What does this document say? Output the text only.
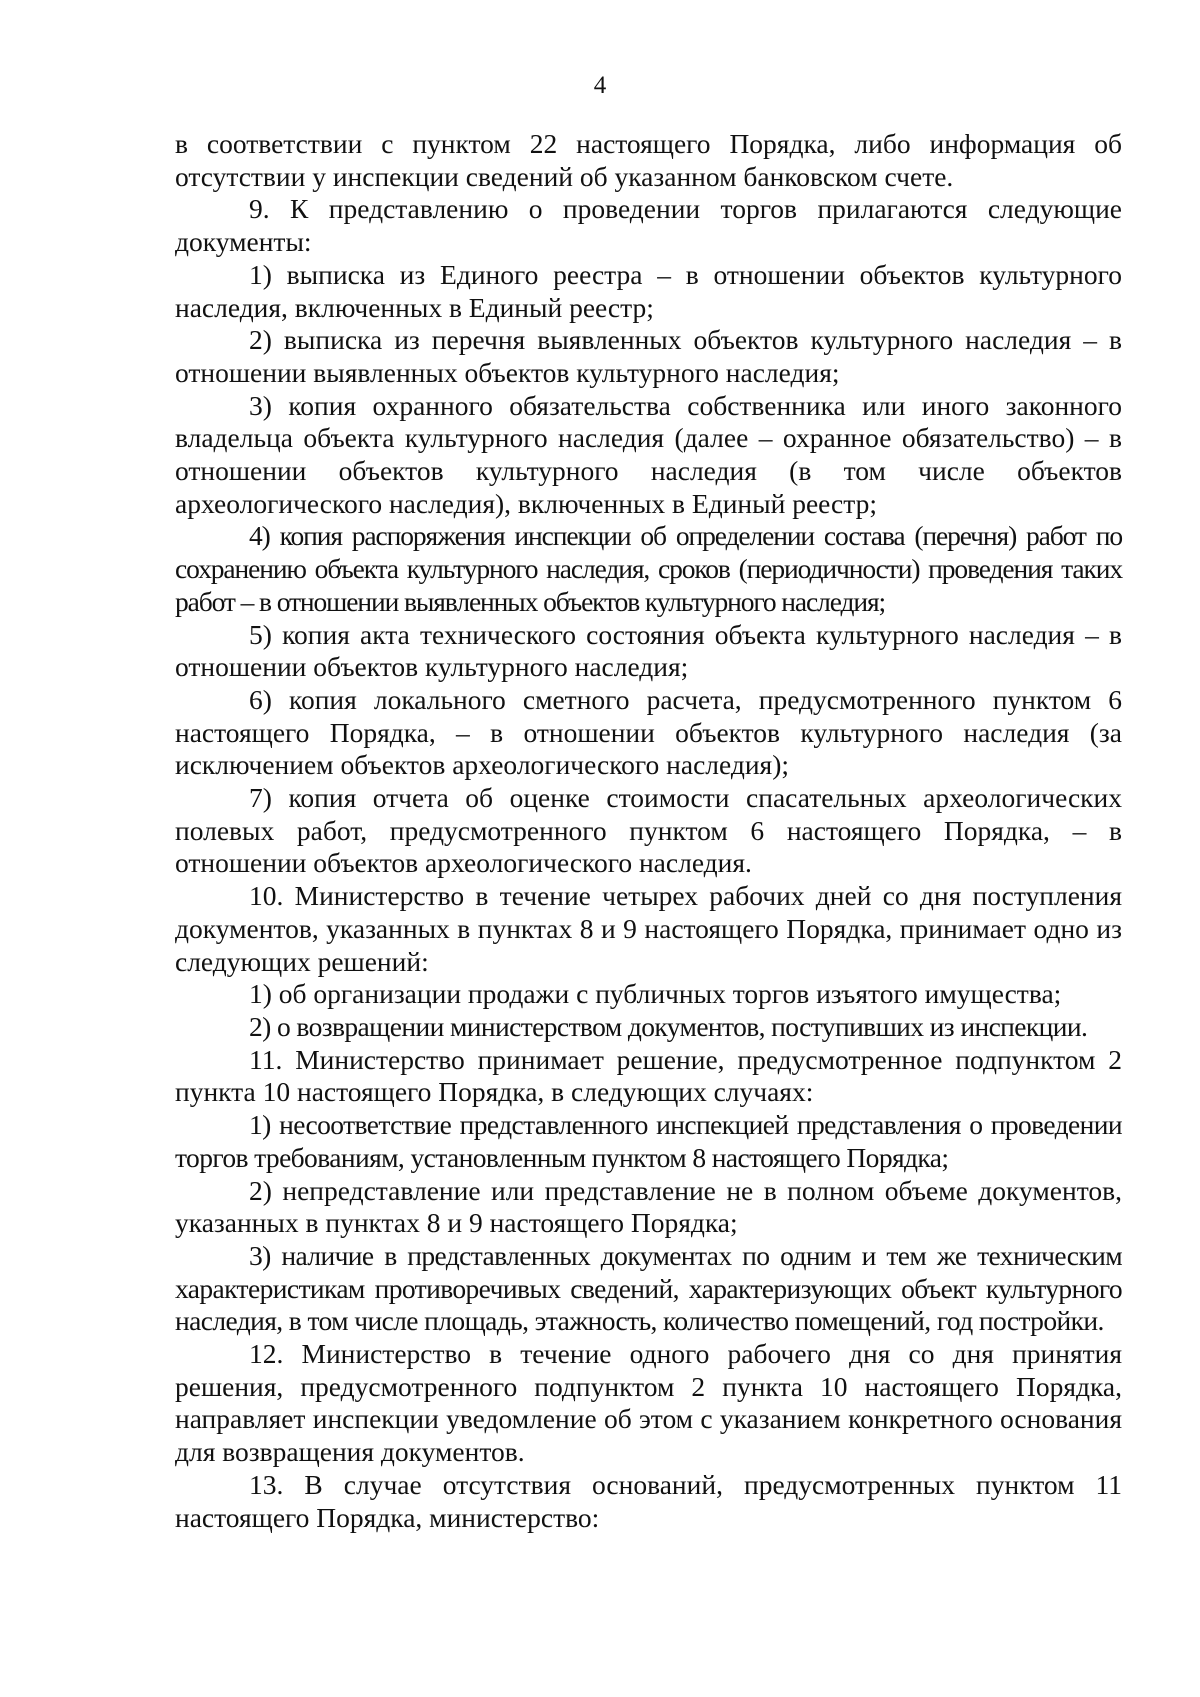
4

в соответствии с пунктом 22 настоящего Порядка, либо информация об отсутствии у инспекции сведений об указанном банковском счете.

9. К представлению о проведении торгов прилагаются следующие документы:

1) выписка из Единого реестра – в отношении объектов культурного наследия, включенных в Единый реестр;

2) выписка из перечня выявленных объектов культурного наследия – в отношении выявленных объектов культурного наследия;

3) копия охранного обязательства собственника или иного законного владельца объекта культурного наследия (далее – охранное обязательство) – в отношении объектов культурного наследия (в том числе объектов археологического наследия), включенных в Единый реестр;

4) копия распоряжения инспекции об определении состава (перечня) работ по сохранению объекта культурного наследия, сроков (периодичности) проведения таких работ – в отношении выявленных объектов культурного наследия;

5) копия акта технического состояния объекта культурного наследия – в отношении объектов культурного наследия;

6) копия локального сметного расчета, предусмотренного пунктом 6 настоящего Порядка, – в отношении объектов культурного наследия (за исключением объектов археологического наследия);

7) копия отчета об оценке стоимости спасательных археологических полевых работ, предусмотренного пунктом 6 настоящего Порядка, – в отношении объектов археологического наследия.

10. Министерство в течение четырех рабочих дней со дня поступления документов, указанных в пунктах 8 и 9 настоящего Порядка, принимает одно из следующих решений:

1) об организации продажи с публичных торгов изъятого имущества;

2) о возвращении министерством документов, поступивших из инспекции.

11. Министерство принимает решение, предусмотренное подпунктом 2 пункта 10 настоящего Порядка, в следующих случаях:

1) несоответствие представленного инспекцией представления о проведении торгов требованиям, установленным пунктом 8 настоящего Порядка;

2) непредставление или представление не в полном объеме документов, указанных в пунктах 8 и 9 настоящего Порядка;

3) наличие в представленных документах по одним и тем же техническим характеристикам противоречивых сведений, характеризующих объект культурного наследия, в том числе площадь, этажность, количество помещений, год постройки.

12. Министерство в течение одного рабочего дня со дня принятия решения, предусмотренного подпунктом 2 пункта 10 настоящего Порядка, направляет инспекции уведомление об этом с указанием конкретного основания для возвращения документов.

13. В случае отсутствия оснований, предусмотренных пунктом 11 настоящего Порядка, министерство:
